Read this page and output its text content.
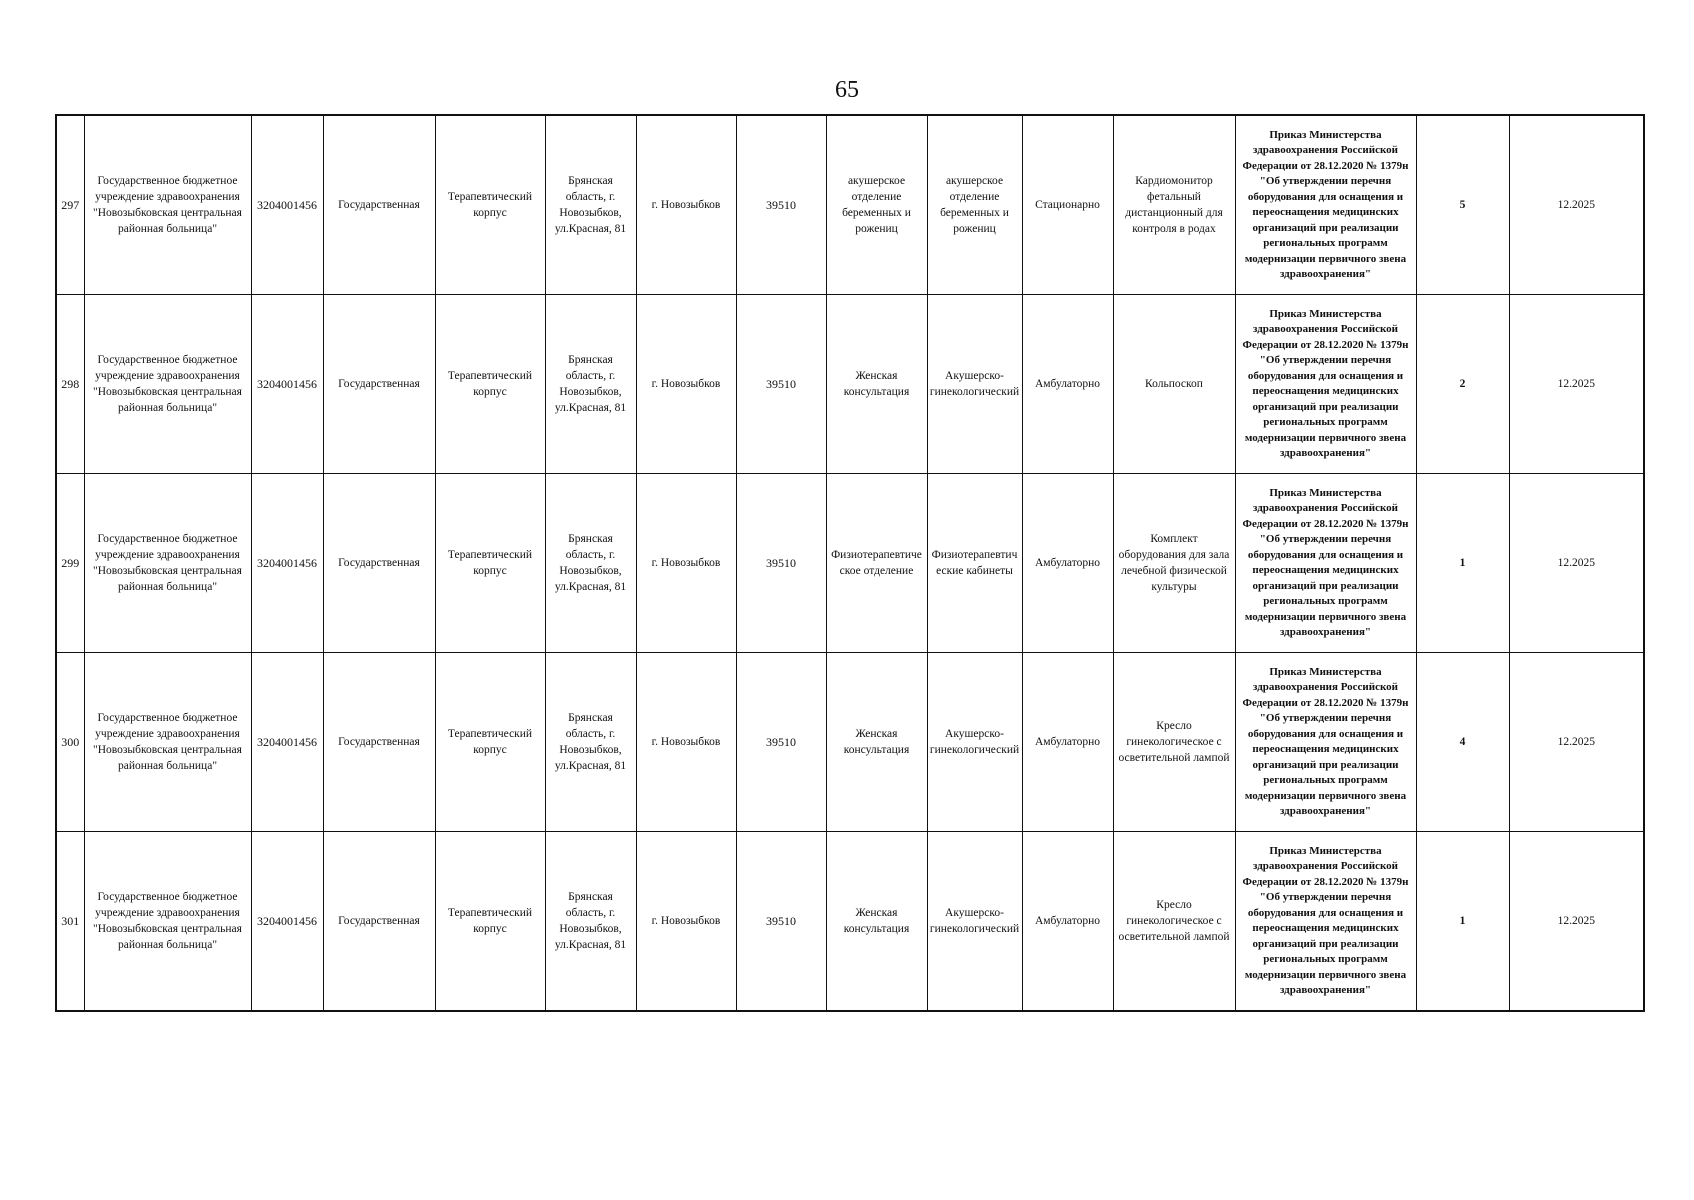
65
297	Государственное бюджетное учреждение здравоохранения "Новозыбковская центральная районная больница"	3204001456	Государственная	Терапевтический корпус	Брянская область, г. Новозыбков, ул.Красная, 81	г. Новозыбков	39510	акушерское отделение беременных и рожениц	акушерское отделение беременных и рожениц	Стационарно	Кардиомонитор фетальный дистанционный для контроля в родах	Приказ Министерства здравоохранения Российской Федерации от 28.12.2020 № 1379н "Об утверждении перечня оборудования для оснащения и переоснащения медицинских организаций при реализации региональных программ модернизации первичного звена здравоохранения"	5	12.2025
298	Государственное бюджетное учреждение здравоохранения "Новозыбковская центральная районная больница"	3204001456	Государственная	Терапевтический корпус	Брянская область, г. Новозыбков, ул.Красная, 81	г. Новозыбков	39510	Женская консультация	Акушерско-гинекологический	Амбулаторно	Кольпоскоп	Приказ Министерства здравоохранения Российской Федерации от 28.12.2020 № 1379н "Об утверждении перечня оборудования для оснащения и переоснащения медицинских организаций при реализации региональных программ модернизации первичного звена здравоохранения"	2	12.2025
299	Государственное бюджетное учреждение здравоохранения "Новозыбковская центральная районная больница"	3204001456	Государственная	Терапевтический корпус	Брянская область, г. Новозыбков, ул.Красная, 81	г. Новозыбков	39510	Физиотерапевтическое отделение	Физиотерапевтические кабинеты	Амбулаторно	Комплект оборудования для зала лечебной физической культуры	Приказ Министерства здравоохранения Российской Федерации от 28.12.2020 № 1379н "Об утверждении перечня оборудования для оснащения и переоснащения медицинских организаций при реализации региональных программ модернизации первичного звена здравоохранения"	1	12.2025
300	Государственное бюджетное учреждение здравоохранения "Новозыбковская центральная районная больница"	3204001456	Государственная	Терапевтический корпус	Брянская область, г. Новозыбков, ул.Красная, 81	г. Новозыбков	39510	Женская консультация	Акушерско-гинекологический	Амбулаторно	Кресло гинекологическое с осветительной лампой	Приказ Министерства здравоохранения Российской Федерации от 28.12.2020 № 1379н "Об утверждении перечня оборудования для оснащения и переоснащения медицинских организаций при реализации региональных программ модернизации первичного звена здравоохранения"	4	12.2025
301	Государственное бюджетное учреждение здравоохранения "Новозыбковская центральная районная больница"	3204001456	Государственная	Терапевтический корпус	Брянская область, г. Новозыбков, ул.Красная, 81	г. Новозыбков	39510	Женская консультация	Акушерско-гинекологический	Амбулаторно	Кресло гинекологическое с осветительной лампой	Приказ Министерства здравоохранения Российской Федерации от 28.12.2020 № 1379н "Об утверждении перечня оборудования для оснащения и переоснащения медицинских организаций при реализации региональных программ модернизации первичного звена здравоохранения"	1	12.2025
